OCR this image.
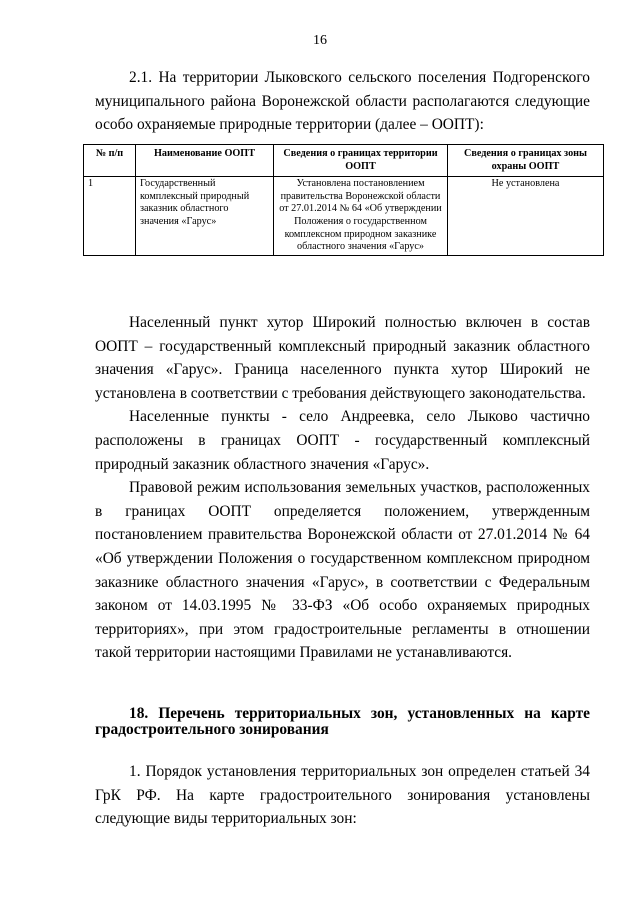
16

2.1. На территории Лыковского сельского поселения Подгоренского муниципального района Воронежской области располагаются следующие особо охраняемые природные территории (далее – ООПТ):

№ п/п	Наименование ООПТ	Сведения о границах территории ООПТ	Сведения о границах зоны охраны ООПТ
1	Государственный комплексный природный заказник областного значения «Гарус»	Установлена постановлением правительства Воронежской области от 27.01.2014 № 64 «Об утверждении Положения о государственном комплексном природном заказнике областного значения «Гарус»	Не установлена

Населенный пункт хутор Широкий полностью включен в состав ООПТ – государственный комплексный природный заказник областного значения «Гарус». Граница населенного пункта хутор Широкий не установлена в соответствии с требования действующего законодательства.

Населенные пункты - село Андреевка, село Лыково частично расположены в границах ООПТ - государственный комплексный природный заказник областного значения «Гарус».

Правовой режим использования земельных участков, расположенных в границах ООПТ определяется положением, утвержденным постановлением правительства Воронежской области от 27.01.2014 № 64 «Об утверждении Положения о государственном комплексном природном заказнике областного значения «Гарус», в соответствии с Федеральным законом от 14.03.1995 № 33-ФЗ «Об особо охраняемых природных территориях», при этом градостроительные регламенты в отношении такой территории настоящими Правилами не устанавливаются.

18. Перечень территориальных зон, установленных на карте градостроительного зонирования

1. Порядок установления территориальных зон определен статьей 34 ГрК РФ. На карте градостроительного зонирования установлены следующие виды территориальных зон:
